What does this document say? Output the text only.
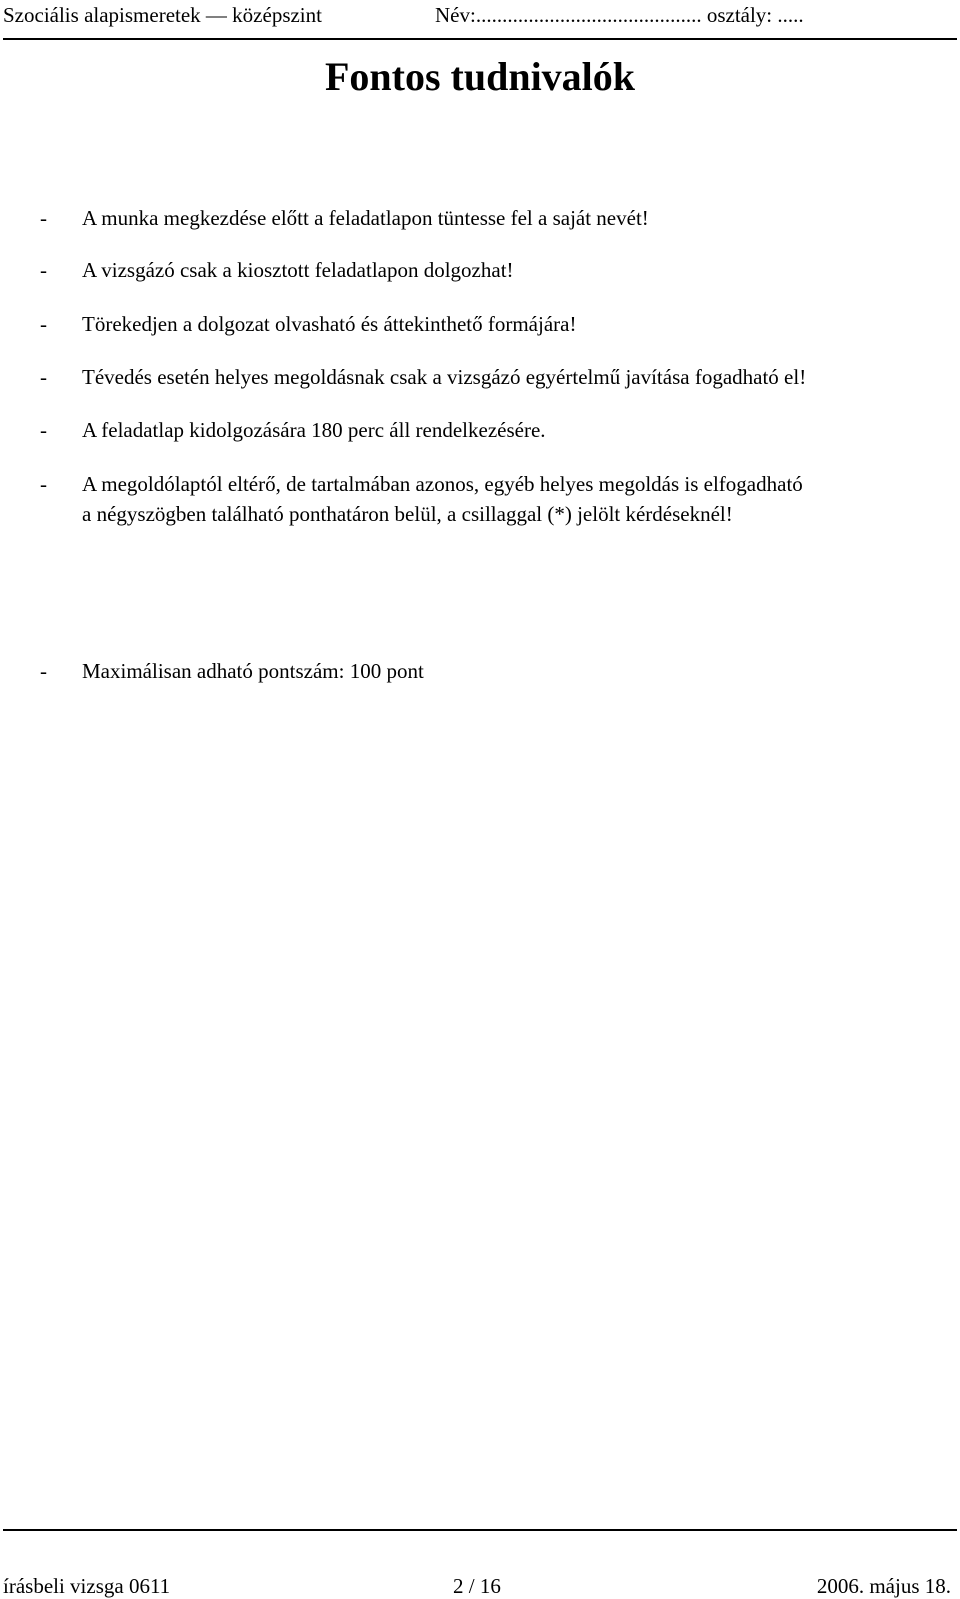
Szociális alapismeretek — középszint	Név:........................................... osztály: .....
Fontos tudnivalók
- A munka megkezdése előtt a feladatlapon tüntesse fel a saját nevét!
- A vizsgázó csak a kiosztott feladatlapon dolgozhat!
- Törekedjen a dolgozat olvasható és áttekinthető formájára!
- Tévedés esetén helyes megoldásnak csak a vizsgázó egyértelmű javítása fogadható el!
- A feladatlap kidolgozására 180 perc áll rendelkezésére.
- A megoldólaptól eltérő, de tartalmában azonos, egyéb helyes megoldás is elfogadható
a négyszögben található ponthatáron belül, a csillaggal (*) jelölt kérdéseknél!
- Maximálisan adható pontszám: 100 pont
írásbeli vizsga 0611	2 / 16	2006. május 18.
